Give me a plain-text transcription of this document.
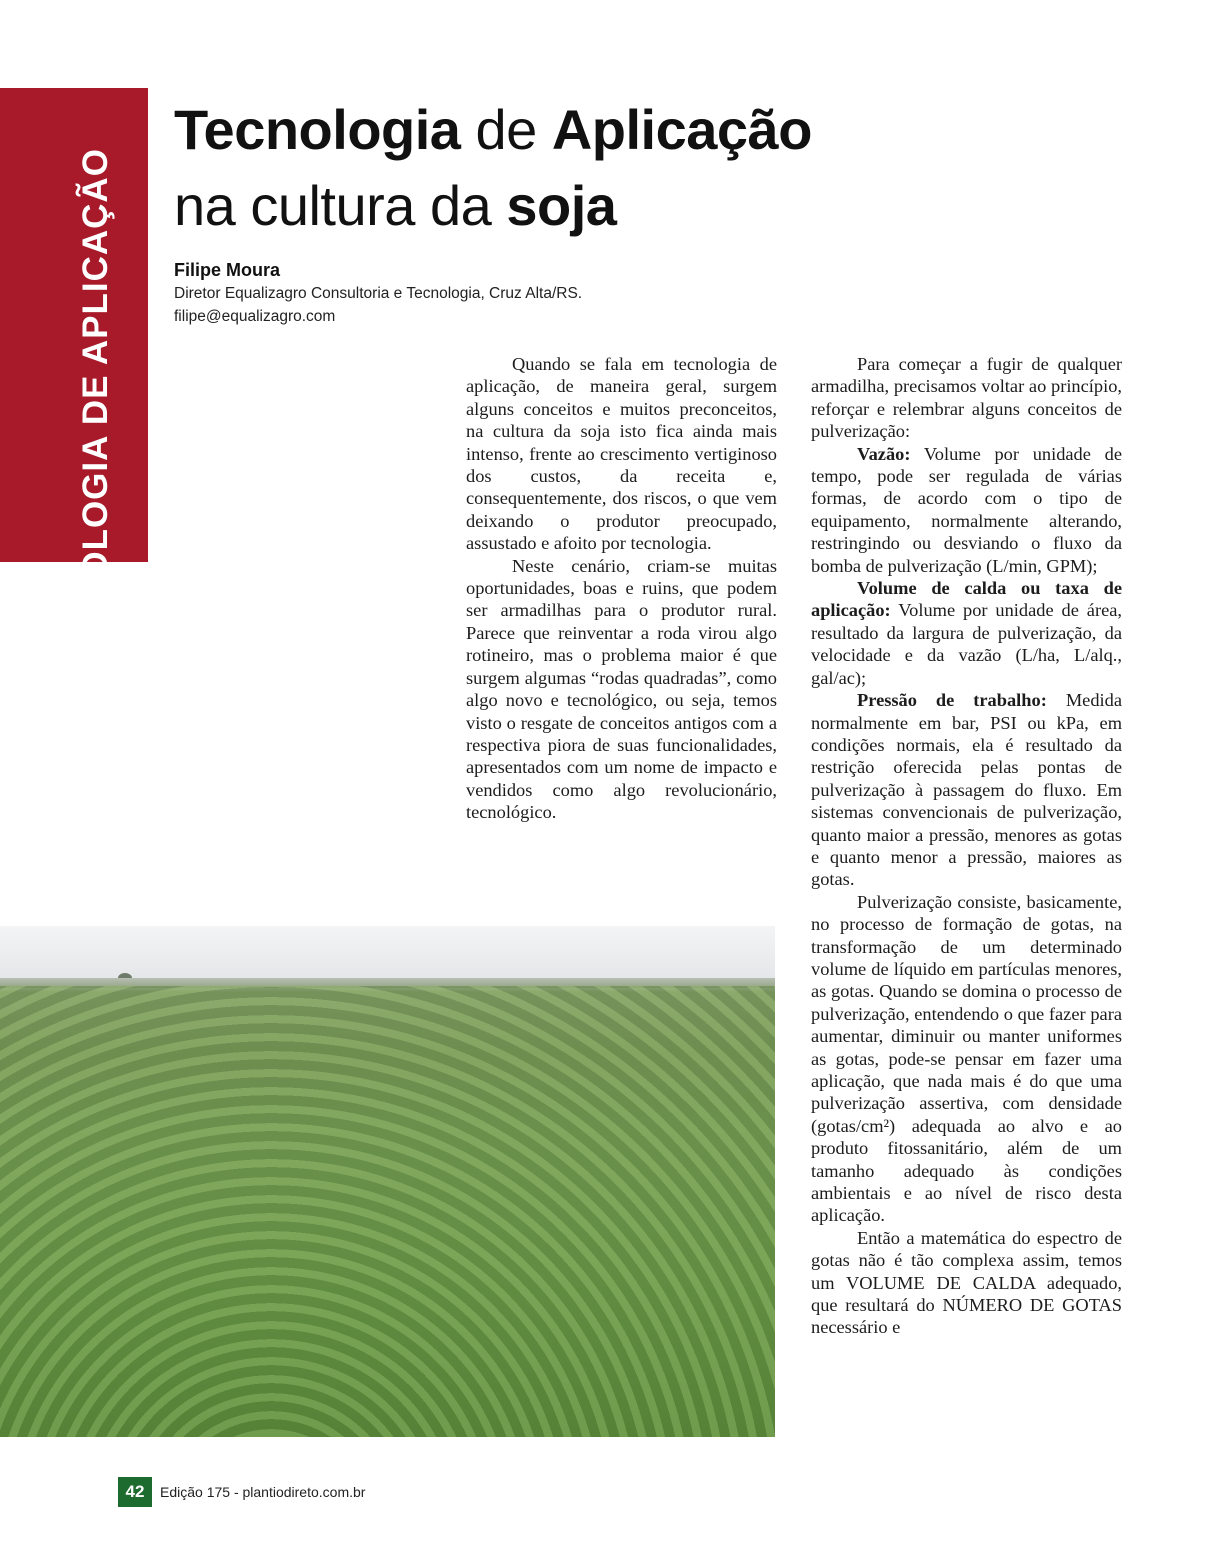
TECNOLOGIA DE APLICAÇÃO
Tecnologia de Aplicação
na cultura da soja
Filipe Moura
Diretor Equalizagro Consultoria e Tecnologia, Cruz Alta/RS.
filipe@equalizagro.com

Quando se fala em tecnologia de aplicação, de maneira geral, surgem alguns conceitos e muitos preconceitos, na cultura da soja isto fica ainda mais intenso, frente ao crescimento vertiginoso dos custos, da receita e, consequentemente, dos riscos, o que vem deixando o produtor preocupado, assustado e afoito por tecnologia.

Neste cenário, criam-se muitas oportunidades, boas e ruins, que podem ser armadilhas para o produtor rural. Parece que reinventar a roda virou algo rotineiro, mas o problema maior é que surgem algumas “rodas quadradas”, como algo novo e tecnológico, ou seja, temos visto o resgate de conceitos antigos com a respectiva piora de suas funcionalidades, apresentados com um nome de impacto e vendidos como algo revolucionário, tecnológico.

Para começar a fugir de qualquer armadilha, precisamos voltar ao princípio, reforçar e relembrar alguns conceitos de pulverização:

Vazão: Volume por unidade de tempo, pode ser regulada de várias formas, de acordo com o tipo de equipamento, normalmente alterando, restringindo ou desviando o fluxo da bomba de pulverização (L/min, GPM);

Volume de calda ou taxa de aplicação: Volume por unidade de área, resultado da largura de pulverização, da velocidade e da vazão (L/ha, L/alq., gal/ac);

Pressão de trabalho: Medida normalmente em bar, PSI ou kPa, em condições normais, ela é resultado da restrição oferecida pelas pontas de pulverização à passagem do fluxo. Em sistemas convencionais de pulverização, quanto maior a pressão, menores as gotas e quanto menor a pressão, maiores as gotas.

Pulverização consiste, basicamente, no processo de formação de gotas, na transformação de um determinado volume de líquido em partículas menores, as gotas. Quando se domina o processo de pulverização, entendendo o que fazer para aumentar, diminuir ou manter uniformes as gotas, pode-se pensar em fazer uma aplicação, que nada mais é do que uma pulverização assertiva, com densidade (gotas/cm²) adequada ao alvo e ao produto fitossanitário, além de um tamanho adequado às condições ambientais e ao nível de risco desta aplicação.

Então a matemática do espectro de gotas não é tão complexa assim, temos um VOLUME DE CALDA adequado, que resultará do NÚMERO DE GOTAS necessário e

42	Edição 175 - plantiodireto.com.br
